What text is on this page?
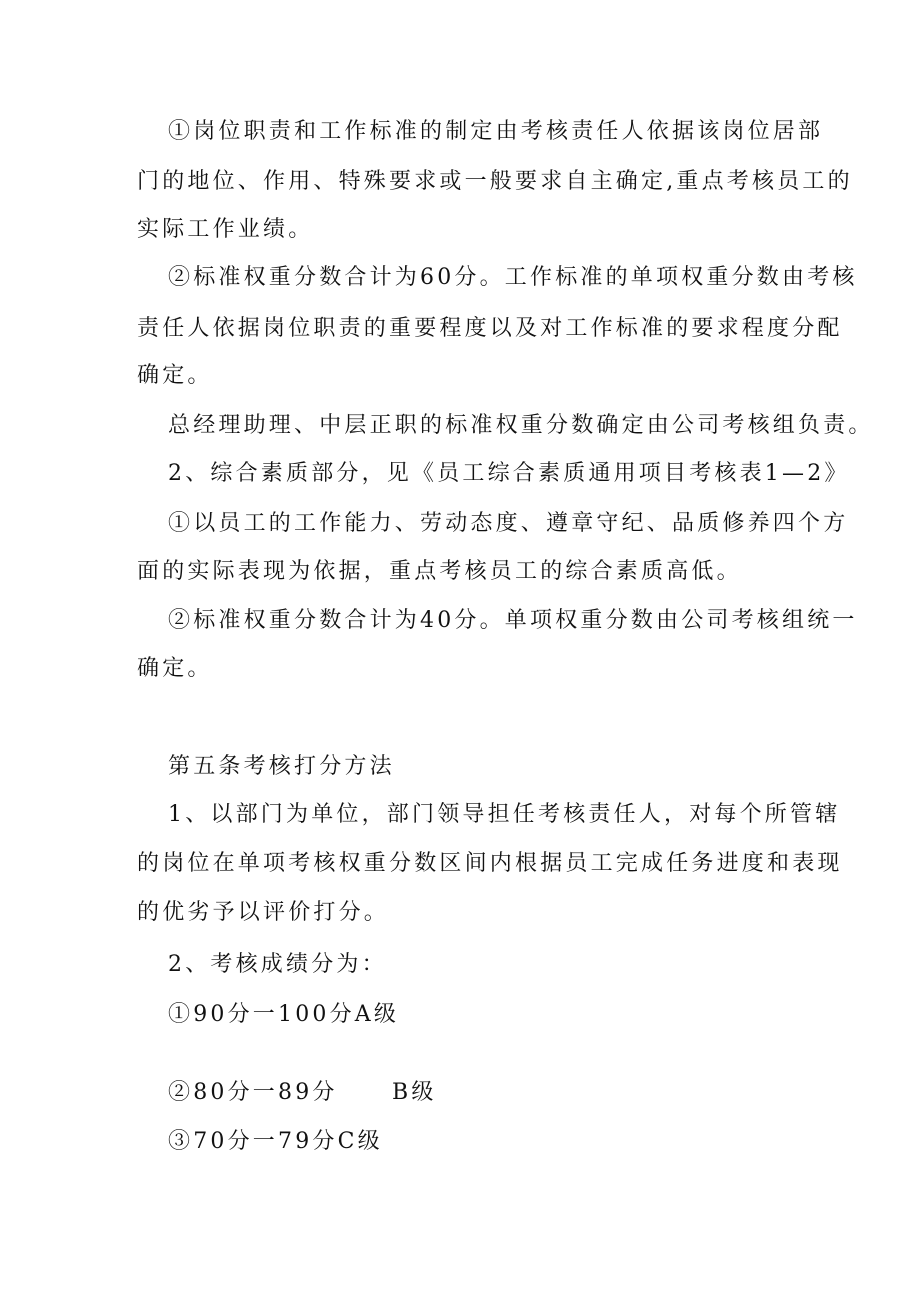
①岗位职责和工作标准的制定由考核责任人依据该岗位居部

门的地位、作用、特殊要求或一般要求自主确定,重点考核员工的

实际工作业绩。

②标准权重分数合计为60分。工作标准的单项权重分数由考核

责任人依据岗位职责的重要程度以及对工作标准的要求程度分配

确定。

总经理助理、中层正职的标准权重分数确定由公司考核组负责。

2、综合素质部分，见《员工综合素质通用项目考核表1—2》

①以员工的工作能力、劳动态度、遵章守纪、品质修养四个方

面的实际表现为依据，重点考核员工的综合素质高低。

②标准权重分数合计为40分。单项权重分数由公司考核组统一

确定。

第五条考核打分方法

1、以部门为单位，部门领导担任考核责任人，对每个所管辖

的岗位在单项考核权重分数区间内根据员工完成任务进度和表现

的优劣予以评价打分。

2、考核成绩分为：

①90分一100分A级

②80分一89分 B级

③70分一79分C级
